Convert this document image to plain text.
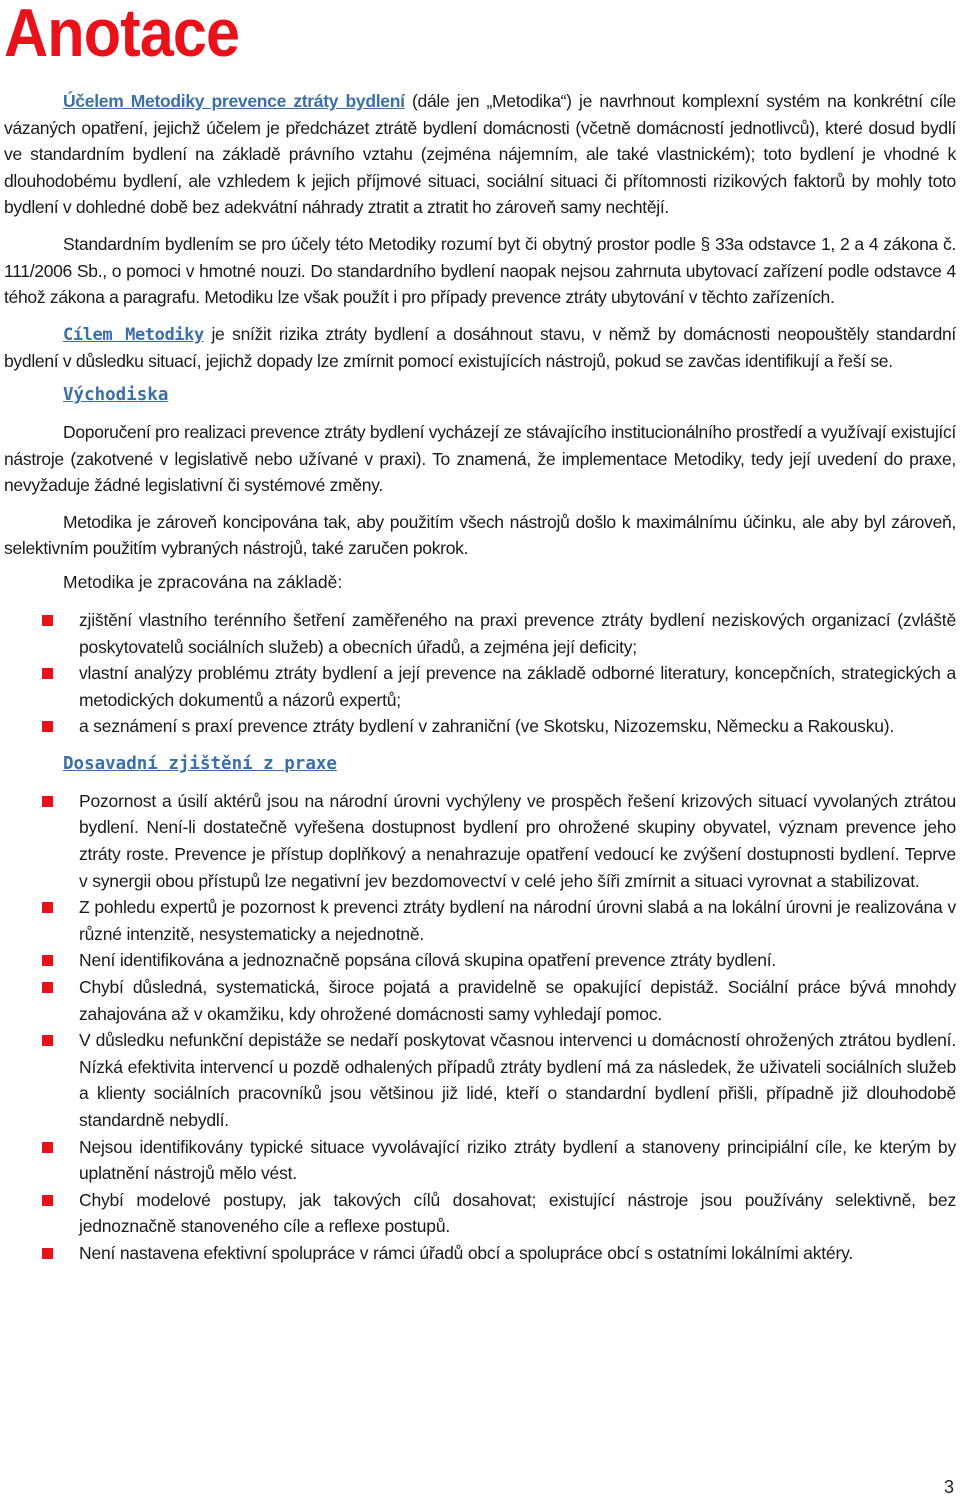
Anotace

Účelem Metodiky prevence ztráty bydlení (dále jen „Metodika“) je navrhnout komplexní systém na konkrétní cíle vázaných opatření, jejichž účelem je předcházet ztrátě bydlení domácnosti (včetně domácností jednotlivců), které dosud bydlí ve standardním bydlení na základě právního vztahu (zejména nájemním, ale také vlastnickém); toto bydlení je vhodné k dlouhodobému bydlení, ale vzhledem k jejich příjmové situaci, sociální situaci či přítomnosti rizikových faktorů by mohly toto bydlení v dohledné době bez adekvátní náhrady ztratit a ztratit ho zároveň samy nechtějí.

Standardním bydlením se pro účely této Metodiky rozumí byt či obytný prostor podle § 33a odstavce 1, 2 a 4 zákona č. 111/2006 Sb., o pomoci v hmotné nouzi. Do standardního bydlení naopak nejsou zahrnuta ubytovací zařízení podle odstavce 4 téhož zákona a paragrafu. Metodiku lze však použít i pro případy prevence ztráty ubytování v těchto zařízeních.

Cílem Metodiky je snížit rizika ztráty bydlení a dosáhnout stavu, v němž by domácnosti neopouštěly standardní bydlení v důsledku situací, jejichž dopady lze zmírnit pomocí existujících nástrojů, pokud se zavčas identifikují a řeší se.

Východiska

Doporučení pro realizaci prevence ztráty bydlení vycházejí ze stávajícího institucionálního prostředí a využívají existující nástroje (zakotvené v legislativě nebo užívané v praxi). To znamená, že implementace Metodiky, tedy její uvedení do praxe, nevyžaduje žádné legislativní či systémové změny.

Metodika je zároveň koncipována tak, aby použitím všech nástrojů došlo k maximálnímu účinku, ale aby byl zároveň, selektivním použitím vybraných nástrojů, také zaručen pokrok.

Metodika je zpracována na základě:
zjištění vlastního terénního šetření zaměřeného na praxi prevence ztráty bydlení neziskových organizací (zvláště poskytovatelů sociálních služeb) a obecních úřadů, a zejména její deficity;
vlastní analýzy problému ztráty bydlení a její prevence na základě odborné literatury, koncepčních, strategických a metodických dokumentů a názorů expertů;
a seznámení s praxí prevence ztráty bydlení v zahraniční (ve Skotsku, Nizozemsku, Německu a Rakousku).
Dosavadní zjištění z praxe
Pozornost a úsilí aktérů jsou na národní úrovni vychýleny ve prospěch řešení krizových situací vyvolaných ztrátou bydlení. Není-li dostatečně vyřešena dostupnost bydlení pro ohrožené skupiny obyvatel, význam prevence jeho ztráty roste. Prevence je přístup doplňkový a nenahrazuje opatření vedoucí ke zvýšení dostupnosti bydlení. Teprve v synergii obou přístupů lze negativní jev bezdomovectví v celé jeho šíři zmírnit a situaci vyrovnat a stabilizovat.
Z pohledu expertů je pozornost k prevenci ztráty bydlení na národní úrovni slabá a na lokální úrovni je realizována v různé intenzitě, nesystematicky a nejednotně.
Není identifikována a jednoznačně popsána cílová skupina opatření prevence ztráty bydlení.
Chybí důsledná, systematická, široce pojatá a pravidelně se opakující depistáž. Sociální práce bývá mnohdy zahajována až v okamžiku, kdy ohrožené domácnosti samy vyhledají pomoc.
V důsledku nefunkční depistáže se nedaří poskytovat včasnou intervenci u domácností ohrožených ztrátou bydlení. Nízká efektivita intervencí u pozdě odhalených případů ztráty bydlení má za následek, že uživateli sociálních služeb a klienty sociálních pracovníků jsou většinou již lidé, kteří o standardní bydlení přišli, případně již dlouhodobě standardně nebydlí.
Nejsou identifikovány typické situace vyvolávající riziko ztráty bydlení a stanoveny principiální cíle, ke kterým by uplatnění nástrojů mělo vést.
Chybí modelové postupy, jak takových cílů dosahovat; existující nástroje jsou používány selektivně, bez jednoznačně stanoveného cíle a reflexe postupů.
Není nastavena efektivní spolupráce v rámci úřadů obcí a spolupráce obcí s ostatními lokálními aktéry.
3
